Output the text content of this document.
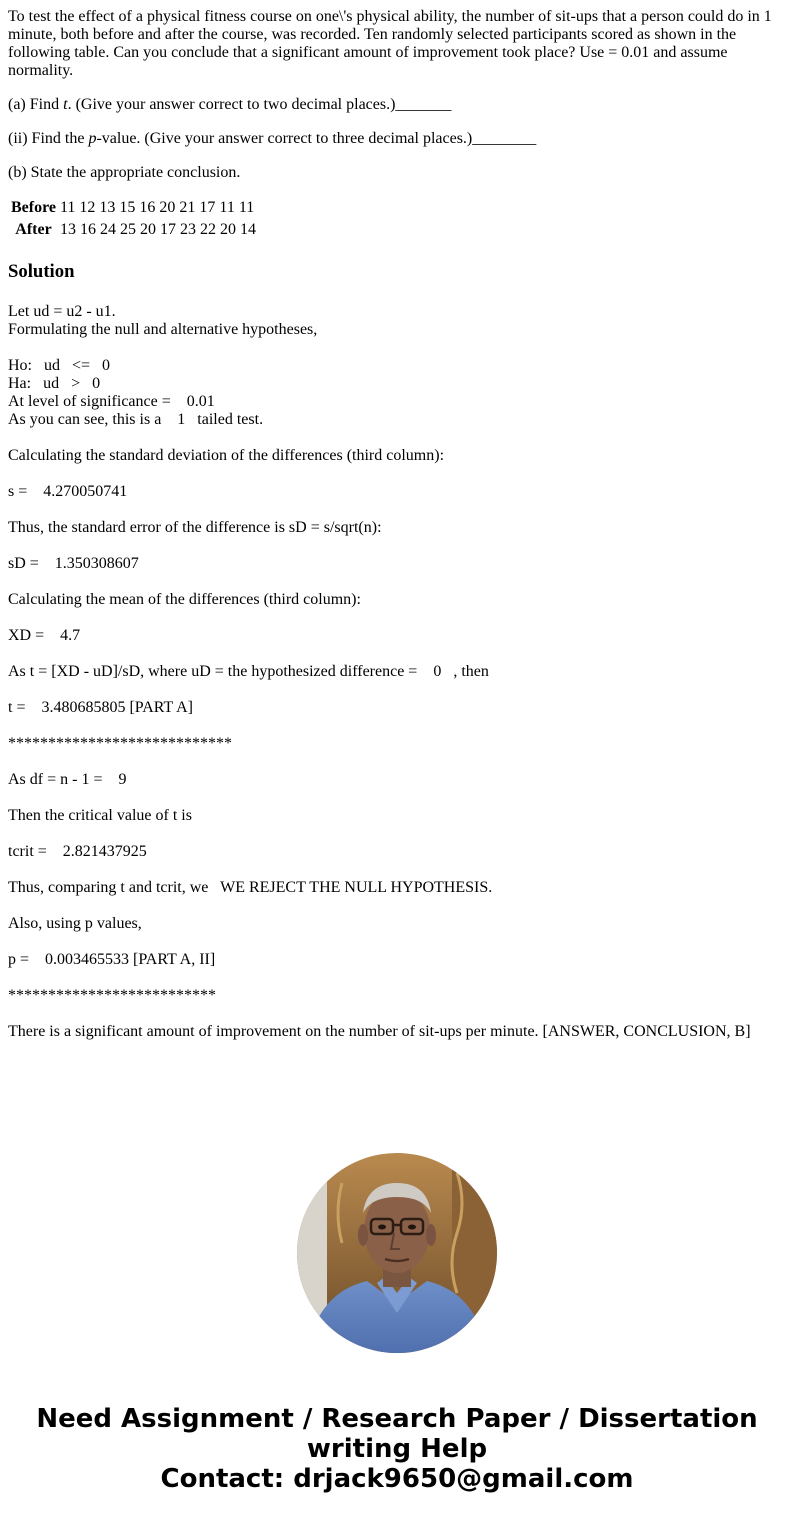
To test the effect of a physical fitness course on one\'s physical ability, the number of sit-ups that a person could do in 1 minute, both before and after the course, was recorded. Ten randomly selected participants scored as shown in the following table. Can you conclude that a significant amount of improvement took place? Use = 0.01 and assume normality.

(a) Find t. (Give your answer correct to two decimal places.)_______

(ii) Find the p-value. (Give your answer correct to three decimal places.)________

(b) State the appropriate conclusion.

Before	11 12 13 15 16 20 21 17 11 11
After	13 16 24 25 20 17 23 22 20 14
Solution
Let ud = u2 - u1.
Formulating the null and alternative hypotheses,
Ho:   ud   <=   0
Ha:   ud   >   0
At level of significance =    0.01
As you can see, this is a    1   tailed test.
Calculating the standard deviation of the differences (third column):
s =    4.270050741
Thus, the standard error of the difference is sD = s/sqrt(n):
sD =    1.350308607
Calculating the mean of the differences (third column):
XD =    4.7
As t = [XD - uD]/sD, where uD = the hypothesized difference =    0   , then
t =    3.480685805 [PART A]
****************************
As df = n - 1 =    9
Then the critical value of t is
tcrit =    2.821437925
Thus, comparing t and tcrit, we   WE REJECT THE NULL HYPOTHESIS.
Also, using p values,
p =    0.003465533 [PART A, II]
**************************
There is a significant amount of improvement on the number of sit-ups per minute. [ANSWER, CONCLUSION, B]
Need Assignment / Research Paper / Dissertation
writing Help
Contact: drjack9650@gmail.com
